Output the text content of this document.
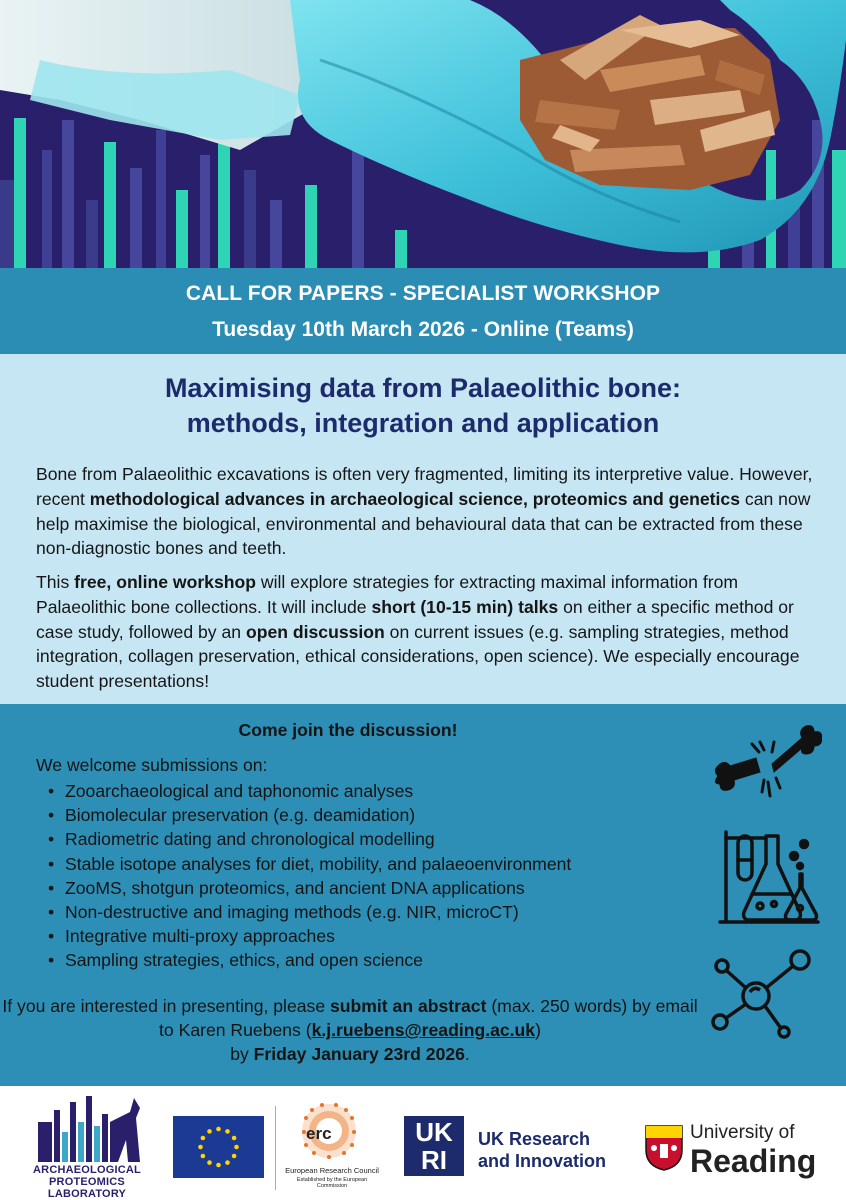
CALL FOR PAPERS - SPECIALIST WORKSHOP
Tuesday 10th March 2026 - Online (Teams)
Maximising data from Palaeolithic bone:
methods, integration and application

Bone from Palaeolithic excavations is often very fragmented, limiting its interpretive value. However, recent methodological advances in archaeological science, proteomics and genetics can now help maximise the biological, environmental and behavioural data that can be extracted from these non-diagnostic bones and teeth.

This free, online workshop will explore strategies for extracting maximal information from Palaeolithic bone collections. It will include short (10-15 min) talks on either a specific method or case study, followed by an open discussion on current issues (e.g. sampling strategies, method integration, collagen preservation, ethical considerations, open science). We especially encourage student presentations!

Come join the discussion!
We welcome submissions on:
• Zooarchaeological and taphonomic analyses
• Biomolecular preservation (e.g. deamidation)
• Radiometric dating and chronological modelling
• Stable isotope analyses for diet, mobility, and palaeoenvironment
• ZooMS, shotgun proteomics, and ancient DNA applications
• Non-destructive and imaging methods (e.g. NIR, microCT)
• Integrative multi-proxy approaches
• Sampling strategies, ethics, and open science
If you are interested in presenting, please submit an abstract (max. 250 words) by email to Karen Ruebens (k.j.ruebens@reading.ac.uk)
by Friday January 23rd 2026.
ARCHAEOLOGICAL
PROTEOMICS
LABORATORY
erc
European Research Council
Established by the European Commission
UK
RI
UK Research
and Innovation
University of
Reading
